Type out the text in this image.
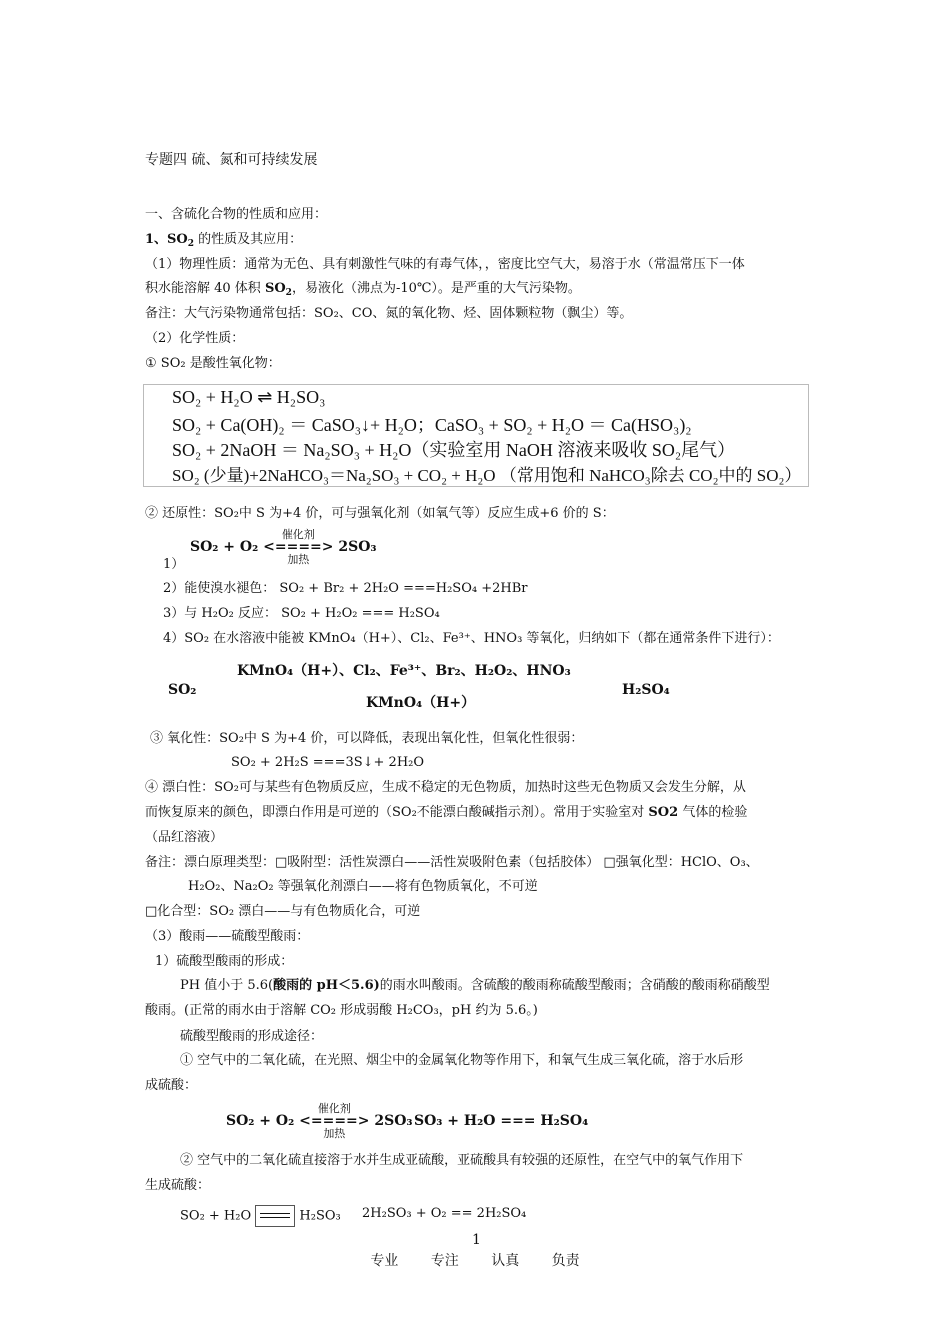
专题四 硫、氮和可持续发展
一、含硫化合物的性质和应用：
1、$SO_2$ 的性质及其应用：
（1）物理性质：通常为无色、具有刺激性气味的有毒气体，，密度比空气大，易溶于水（常温常压下一体
积水能溶解 40 体积 $SO_2$，易液化（沸点为-10℃）。是严重的大气污染物。
备注：大气污染物通常包括：SO₂、CO、氮的氧化物、烃、固体颗粒物（飘尘）等。
（2）化学性质：
① SO₂ 是酸性氧化物：
SO₂ + H₂O ⇌ H₂SO₃
SO₂ + Ca(OH)₂ ＝ CaSO₃↓+ H₂O；CaSO₃ + SO₂ + H₂O ＝ Ca(HSO₃)₂
SO₂ + 2NaOH ＝ Na₂SO₃ + H₂O（实验室用 NaOH 溶液来吸收 SO₂尾气）
SO₂ (少量)+2NaHCO₃＝Na₂SO₃ + CO₂ + H₂O （常用饱和 NaHCO₃除去 CO₂中的 SO₂）
② 还原性：SO₂中 S 为+4 价，可与强氧化剂（如氧气等）反应生成+6 价的 S：
SO₂ + O₂
催化剂
<====>
加热
2SO₃
1）
2）能使溴水褪色： SO₂ + Br₂ + 2H₂O ===H₂SO₄ +2HBr
3）与 H₂O₂ 反应： SO₂ + H₂O₂ === H₂SO₄
4）SO₂ 在水溶液中能被 KMnO₄（H+）、Cl₂、Fe³⁺、HNO₃ 等氧化，归纳如下（都在通常条件下进行）：
KMnO₄（H+）、Cl₂、Fe³⁺、Br₂、H₂O₂、HNO₃
SO₂	H₂SO₄
KMnO₄（H+）
③ 氧化性：SO₂中 S 为+4 价，可以降低，表现出氧化性，但氧化性很弱：
SO₂ + 2H₂S ===3S↓+ 2H₂O
④ 漂白性：SO₂可与某些有色物质反应，生成不稳定的无色物质，加热时这些无色物质又会发生分解，从
而恢复原来的颜色，即漂白作用是可逆的（SO₂不能漂白酸碱指示剂）。常用于实验室对 SO2 气体的检验
（品红溶液）
备注：漂白原理类型：□吸附型：活性炭漂白——活性炭吸附色素（包括胶体） □强氧化型：HClO、O₃、
H₂O₂、Na₂O₂ 等强氧化剂漂白——将有色物质氧化，不可逆
□化合型：SO₂ 漂白——与有色物质化合，可逆
（3）酸雨——硫酸型酸雨：
1）硫酸型酸雨的形成：
PH 值小于 5.6(酸雨的 pH＜5.6)的雨水叫酸雨。含硫酸的酸雨称硫酸型酸雨；含硝酸的酸雨称硝酸型
酸雨。(正常的雨水由于溶解 CO₂ 形成弱酸 H₂CO₃，pH 约为 5.6。)
硫酸型酸雨的形成途径：
① 空气中的二氧化硫，在光照、烟尘中的金属氧化物等作用下，和氧气生成三氧化硫，溶于水后形
成硫酸：
SO₂ + O₂
催化剂
<====>
加热
2SO₃ SO₃ + H₂O === H₂SO₄
② 空气中的二氧化硫直接溶于水并生成亚硫酸，亚硫酸具有较强的还原性，在空气中的氧气作用下
生成硫酸：
SO₂ + H₂O	H₂SO₃ 2H₂SO₃ + O₂ == 2H₂SO₄
1
专业 专注 认真 负责
